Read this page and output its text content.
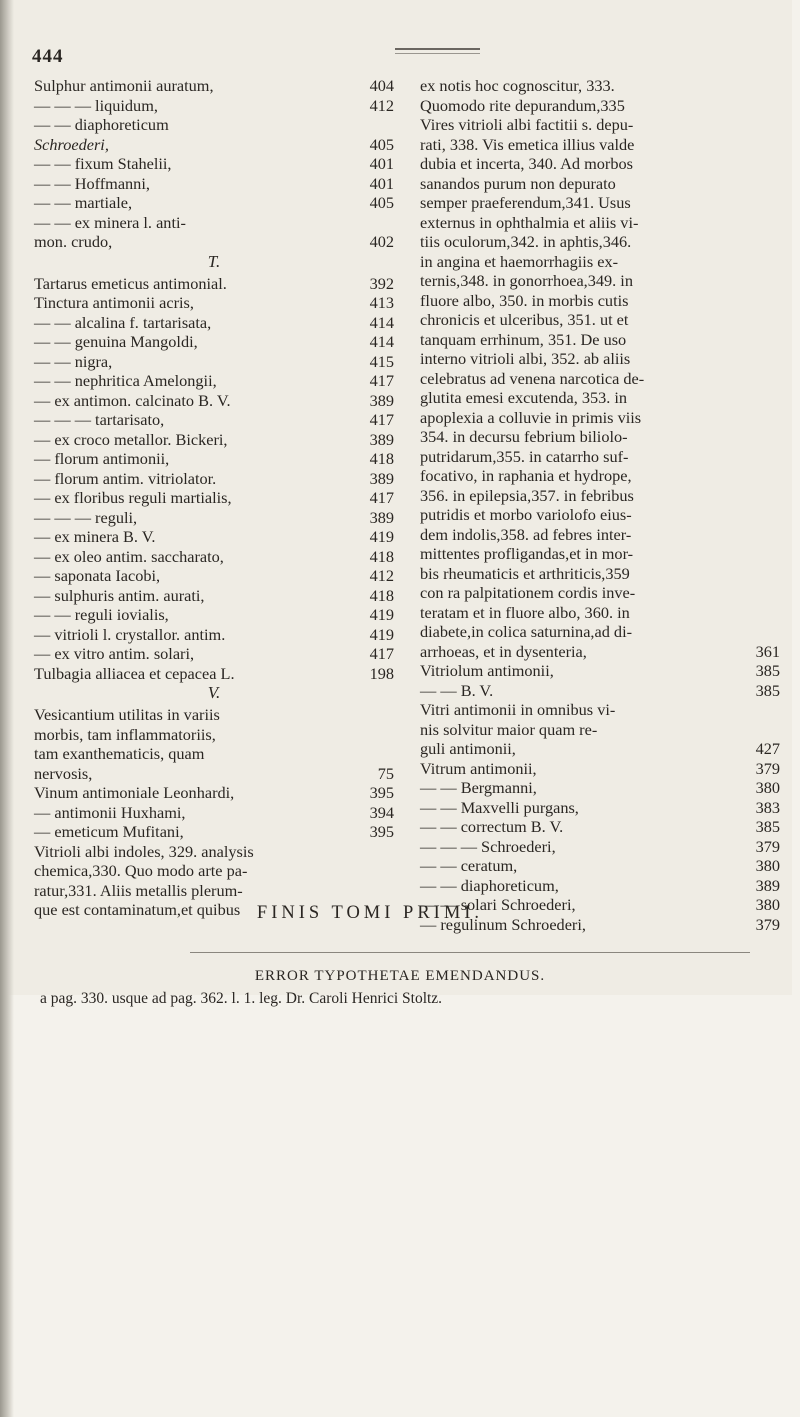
444
Sulphur antimonii auratum,	404
— — — liquidum,	412
— — diaphoreticum
Schroederi,	405
— — fixum Stahelii,	401
— — Hoffmanni,	401
— — martiale,	405
— — ex minera l. anti-
mon. crudo,	402
T.
Tartarus emeticus antimonial.	392
Tinctura antimonii acris,	413
— — alcalina f. tartarisata,	414
— — genuina Mangoldi,	414
— — nigra,	415
— — nephritica Amelongii,	417
— ex antimon. calcinato B. V.	389
— — — tartarisato,	417
— ex croco metallor. Bickeri,	389
— florum antimonii,	418
— florum antim. vitriolator.	389
— ex floribus reguli martialis,	417
— — — reguli,	389
— ex minera B. V.	419
— ex oleo antim. saccharato,	418
— saponata Iacobi,	412
— sulphuris antim. aurati,	418
— — reguli iovialis,	419
— vitrioli l. crystallor. antim.	419
— ex vitro antim. solari,	417
Tulbagia alliacea et cepacea L.	198
V.
Vesicantium utilitas in variis
morbis, tam inflammatoriis,
tam exanthematicis, quam
nervosis,	75
Vinum antimoniale Leonhardi,	395
— antimonii Huxhami,	394
— emeticum Mufitani,	395
Vitrioli albi indoles, 329. analysis
chemica,330. Quo modo arte pa-
ratur,331. Aliis metallis plerum-
que est contaminatum,et quibus
ex notis hoc cognoscitur, 333.
Quomodo rite depurandum,335
Vires vitrioli albi factitii s. depu-
rati, 338. Vis emetica illius valde
dubia et incerta, 340. Ad morbos
sanandos purum non depurato
semper praeferendum,341. Usus
externus in ophthalmia et aliis vi-
tiis oculorum,342. in aphtis,346.
in angina et haemorrhagiis ex-
ternis,348. in gonorrhoea,349. in
fluore albo, 350. in morbis cutis
chronicis et ulceribus, 351. ut et
tanquam errhinum, 351. De uso
interno vitrioli albi, 352. ab aliis
celebratus ad venena narcotica de-
glutita emesi excutenda, 353. in
apoplexia a colluvie in primis viis
354. in decursu febrium biliolo-
putridarum,355. in catarrho suf-
focativo, in raphania et hydrope,
356. in epilepsia,357. in febribus
putridis et morbo variolofo eius-
dem indolis,358. ad febres inter-
mittentes profligandas,et in mor-
bis rheumaticis et arthriticis,359
con ra palpitationem cordis inve-
teratam et in fluore albo, 360. in
diabete,in colica saturnina,ad di-
arrhoeas, et in dysenteria,	361
Vitriolum antimonii,	385
— — B. V.	385
Vitri antimonii in omnibus vi-
nis solvitur maior quam re-
guli antimonii,	427
Vitrum antimonii,	379
— — Bergmanni,	380
— — Maxvelli purgans,	383
— — correctum B. V.	385
— — — Schroederi,	379
— — ceratum,	380
— — diaphoreticum,	389
— — solari Schroederi,	380
— regulinum Schroederi,	379
FINIS TOMI PRIMI.
ERROR TYPOTHETAE EMENDANDUS.
a pag. 330. usque ad pag. 362. l. 1. leg. Dr. Caroli Henrici Stoltz.
